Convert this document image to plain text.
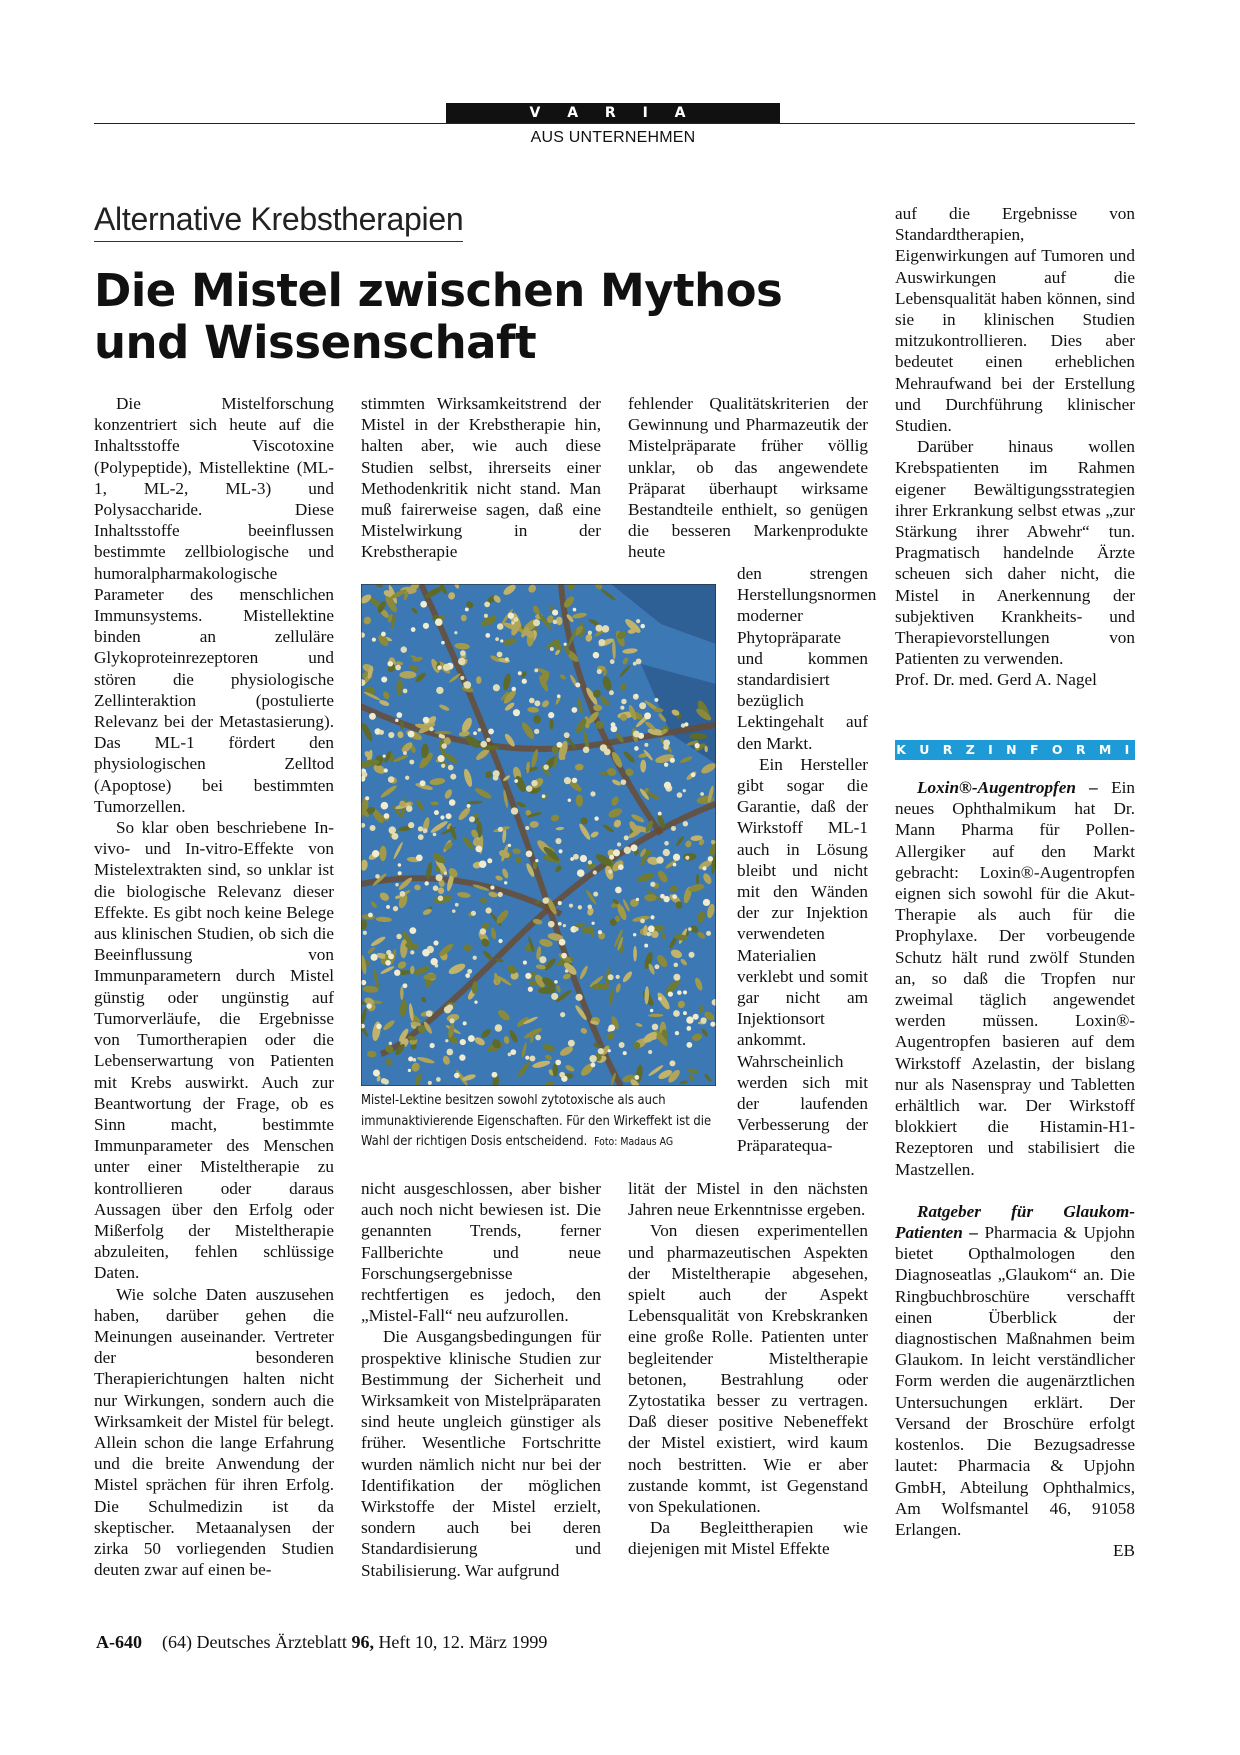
V A R I A
AUS UNTERNEHMEN
Alternative Krebstherapien
Die Mistel zwischen Mythos und Wissenschaft

Die Mistelforschung konzentriert sich heute auf die Inhaltsstoffe Viscotoxine (Polypeptide), Mistellektine (ML-1, ML-2, ML-3) und Polysaccharide. Diese Inhaltsstoffe beeinflussen bestimmte zellbiologische und humoralpharmakologische Parameter des menschlichen Immunsystems. Mistellektine binden an zelluläre Glykoproteinrezeptoren und stören die physiologische Zellinteraktion (postulierte Relevanz bei der Metastasierung). Das ML-1 fördert den physiologischen Zelltod (Apoptose) bei bestimmten Tumorzellen.

So klar oben beschriebene In-vivo- und In-vitro-Effekte von Mistelextrakten sind, so unklar ist die biologische Relevanz dieser Effekte. Es gibt noch keine Belege aus klinischen Studien, ob sich die Beeinflussung von Immunparametern durch Mistel günstig oder ungünstig auf Tumorverläufe, die Ergebnisse von Tumortherapien oder die Lebenserwartung von Patienten mit Krebs auswirkt. Auch zur Beantwortung der Frage, ob es Sinn macht, bestimmte Immunparameter des Menschen unter einer Misteltherapie zu kontrollieren oder daraus Aussagen über den Erfolg oder Mißerfolg der Misteltherapie abzuleiten, fehlen schlüssige Daten.

Wie solche Daten auszusehen haben, darüber gehen die Meinungen auseinander. Vertreter der besonderen Therapierichtungen halten nicht nur Wirkungen, sondern auch die Wirksamkeit der Mistel für belegt. Allein schon die lange Erfahrung und die breite Anwendung der Mistel sprächen für ihren Erfolg. Die Schulmedizin ist da skeptischer. Metaanalysen der zirka 50 vorliegenden Studien deuten zwar auf einen be-

stimmten Wirksamkeitstrend der Mistel in der Krebstherapie hin, halten aber, wie auch diese Studien selbst, ihrerseits einer Methodenkritik nicht stand. Man muß fairerweise sagen, daß eine Mistelwirkung in der Krebstherapie

Mistel-Lektine besitzen sowohl zytotoxische als auch immunaktivierende Eigenschaften. Für den Wirkeffekt ist die Wahl der richtigen Dosis entscheidend. Foto: Madaus AG

nicht ausgeschlossen, aber bisher auch noch nicht bewiesen ist. Die genannten Trends, ferner Fallberichte und neue Forschungsergebnisse rechtfertigen es jedoch, den „Mistel-Fall“ neu aufzurollen.

Die Ausgangsbedingungen für prospektive klinische Studien zur Bestimmung der Sicherheit und Wirksamkeit von Mistelpräparaten sind heute ungleich günstiger als früher. Wesentliche Fortschritte wurden nämlich nicht nur bei der Identifikation der möglichen Wirkstoffe der Mistel erzielt, sondern auch bei deren Standardisierung und Stabilisierung. War aufgrund

fehlender Qualitätskriterien der Gewinnung und Pharmazeutik der Mistelpräparate früher völlig unklar, ob das angewendete Präparat überhaupt wirksame Bestandteile enthielt, so genügen die besseren Markenprodukte heute

den strengen Herstellungsnormen moderner Phytopräparate und kommen standardisiert bezüglich Lektingehalt auf den Markt.

Ein Hersteller gibt sogar die Garantie, daß der Wirkstoff ML-1 auch in Lösung bleibt und nicht mit den Wänden der zur Injektion verwendeten Materialien verklebt und somit gar nicht am Injektionsort ankommt. Wahrscheinlich werden sich mit der laufenden Verbesserung der Präparatequa-

lität der Mistel in den nächsten Jahren neue Erkenntnisse ergeben.

Von diesen experimentellen und pharmazeutischen Aspekten der Misteltherapie abgesehen, spielt auch der Aspekt Lebensqualität von Krebskranken eine große Rolle. Patienten unter begleitender Misteltherapie betonen, Bestrahlung oder Zytostatika besser zu vertragen. Daß dieser positive Nebeneffekt der Mistel existiert, wird kaum noch bestritten. Wie er aber zustande kommt, ist Gegenstand von Spekulationen.

Da Begleittherapien wie diejenigen mit Mistel Effekte

auf die Ergebnisse von Standardtherapien, Eigenwirkungen auf Tumoren und Auswirkungen auf die Lebensqualität haben können, sind sie in klinischen Studien mitzukontrollieren. Dies aber bedeutet einen erheblichen Mehraufwand bei der Erstellung und Durchführung klinischer Studien.

Darüber hinaus wollen Krebspatienten im Rahmen eigener Bewältigungsstrategien ihrer Erkrankung selbst etwas „zur Stärkung ihrer Abwehr“ tun. Pragmatisch handelnde Ärzte scheuen sich daher nicht, die Mistel in Anerkennung der subjektiven Krankheits- und Therapievorstellungen von Patienten zu verwenden.

Prof. Dr. med. Gerd A. Nagel

K U R Z I N F O R M I E R T

Loxin®-Augentropfen – Ein neues Ophthalmikum hat Dr. Mann Pharma für Pollen-Allergiker auf den Markt gebracht: Loxin®-Augentropfen eignen sich sowohl für die Akut-Therapie als auch für die Prophylaxe. Der vorbeugende Schutz hält rund zwölf Stunden an, so daß die Tropfen nur zweimal täglich angewendet werden müssen. Loxin®-Augentropfen basieren auf dem Wirkstoff Azelastin, der bislang nur als Nasenspray und Tabletten erhältlich war. Der Wirkstoff blokkiert die Histamin-H1-Rezeptoren und stabilisiert die Mastzellen.

Ratgeber für Glaukom-Patienten – Pharmacia & Upjohn bietet Opthalmologen den Diagnoseatlas „Glaukom“ an. Die Ringbuchbroschüre verschafft einen Überblick der diagnostischen Maßnahmen beim Glaukom. In leicht verständlicher Form werden die augenärztlichen Untersuchungen erklärt. Der Versand der Broschüre erfolgt kostenlos. Die Bezugsadresse lautet: Pharmacia & Upjohn GmbH, Abteilung Ophthalmics, Am Wolfsmantel 46, 91058 Erlangen.

EB

A-640 (64) Deutsches Ärzteblatt 96, Heft 10, 12. März 1999
